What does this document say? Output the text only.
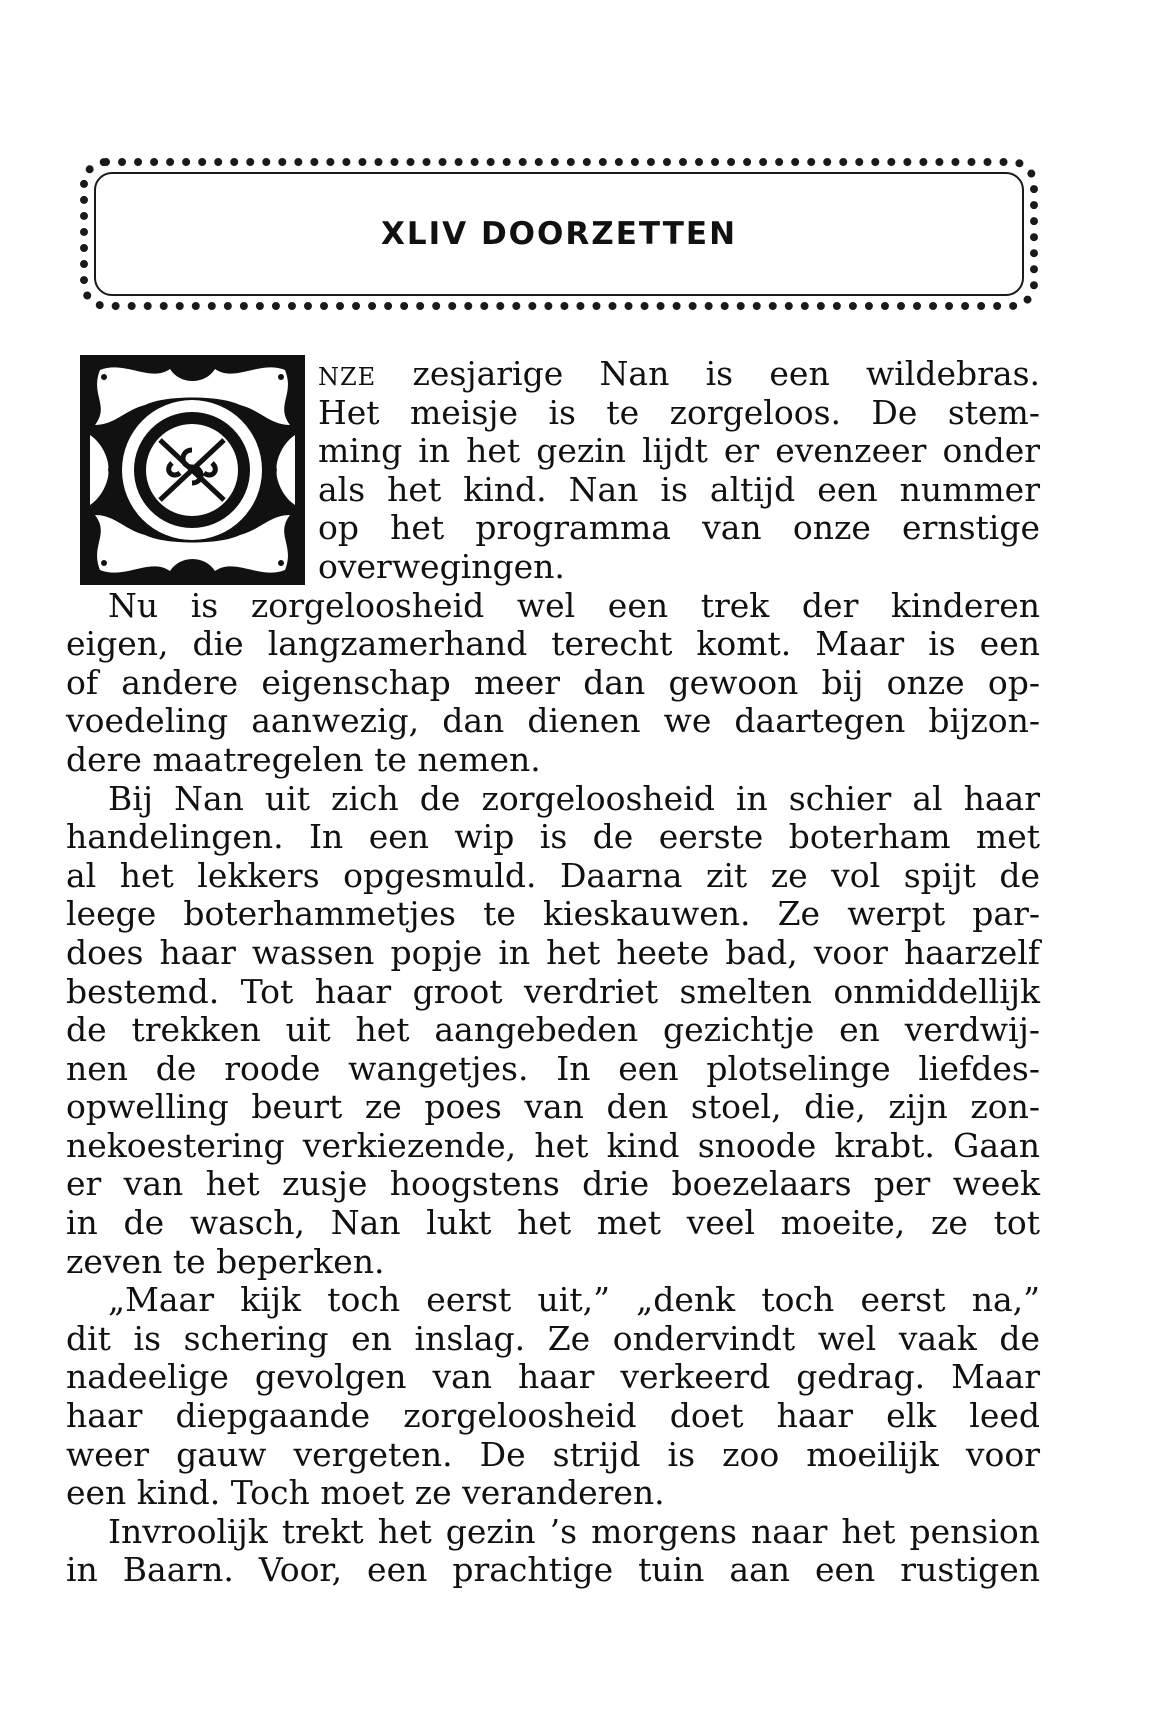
XLIV DOORZETTEN
NZE zesjarige Nan is een wildebras.
Het meisje is te zorgeloos. De stem-
ming in het gezin lijdt er evenzeer onder
als het kind. Nan is altijd een nummer
op het programma van onze ernstige
overwegingen.
Nu is zorgeloosheid wel een trek der kinderen
eigen, die langzamerhand terecht komt. Maar is een
of andere eigenschap meer dan gewoon bij onze op-
voedeling aanwezig, dan dienen we daartegen bijzon-
dere maatregelen te nemen.
Bij Nan uit zich de zorgeloosheid in schier al haar
handelingen. In een wip is de eerste boterham met
al het lekkers opgesmuld. Daarna zit ze vol spijt de
leege boterhammetjes te kieskauwen. Ze werpt par-
does haar wassen popje in het heete bad, voor haarzelf
bestemd. Tot haar groot verdriet smelten onmiddellijk
de trekken uit het aangebeden gezichtje en verdwij-
nen de roode wangetjes. In een plotselinge liefdes-
opwelling beurt ze poes van den stoel, die, zijn zon-
nekoestering verkiezende, het kind snoode krabt. Gaan
er van het zusje hoogstens drie boezelaars per week
in de wasch, Nan lukt het met veel moeite, ze tot
zeven te beperken.
„Maar kijk toch eerst uit,” „denk toch eerst na,”
dit is schering en inslag. Ze ondervindt wel vaak de
nadeelige gevolgen van haar verkeerd gedrag. Maar
haar diepgaande zorgeloosheid doet haar elk leed
weer gauw vergeten. De strijd is zoo moeilijk voor
een kind. Toch moet ze veranderen.
Invroolijk trekt het gezin ’s morgens naar het pension
in Baarn. Voor, een prachtige tuin aan een rustigen
